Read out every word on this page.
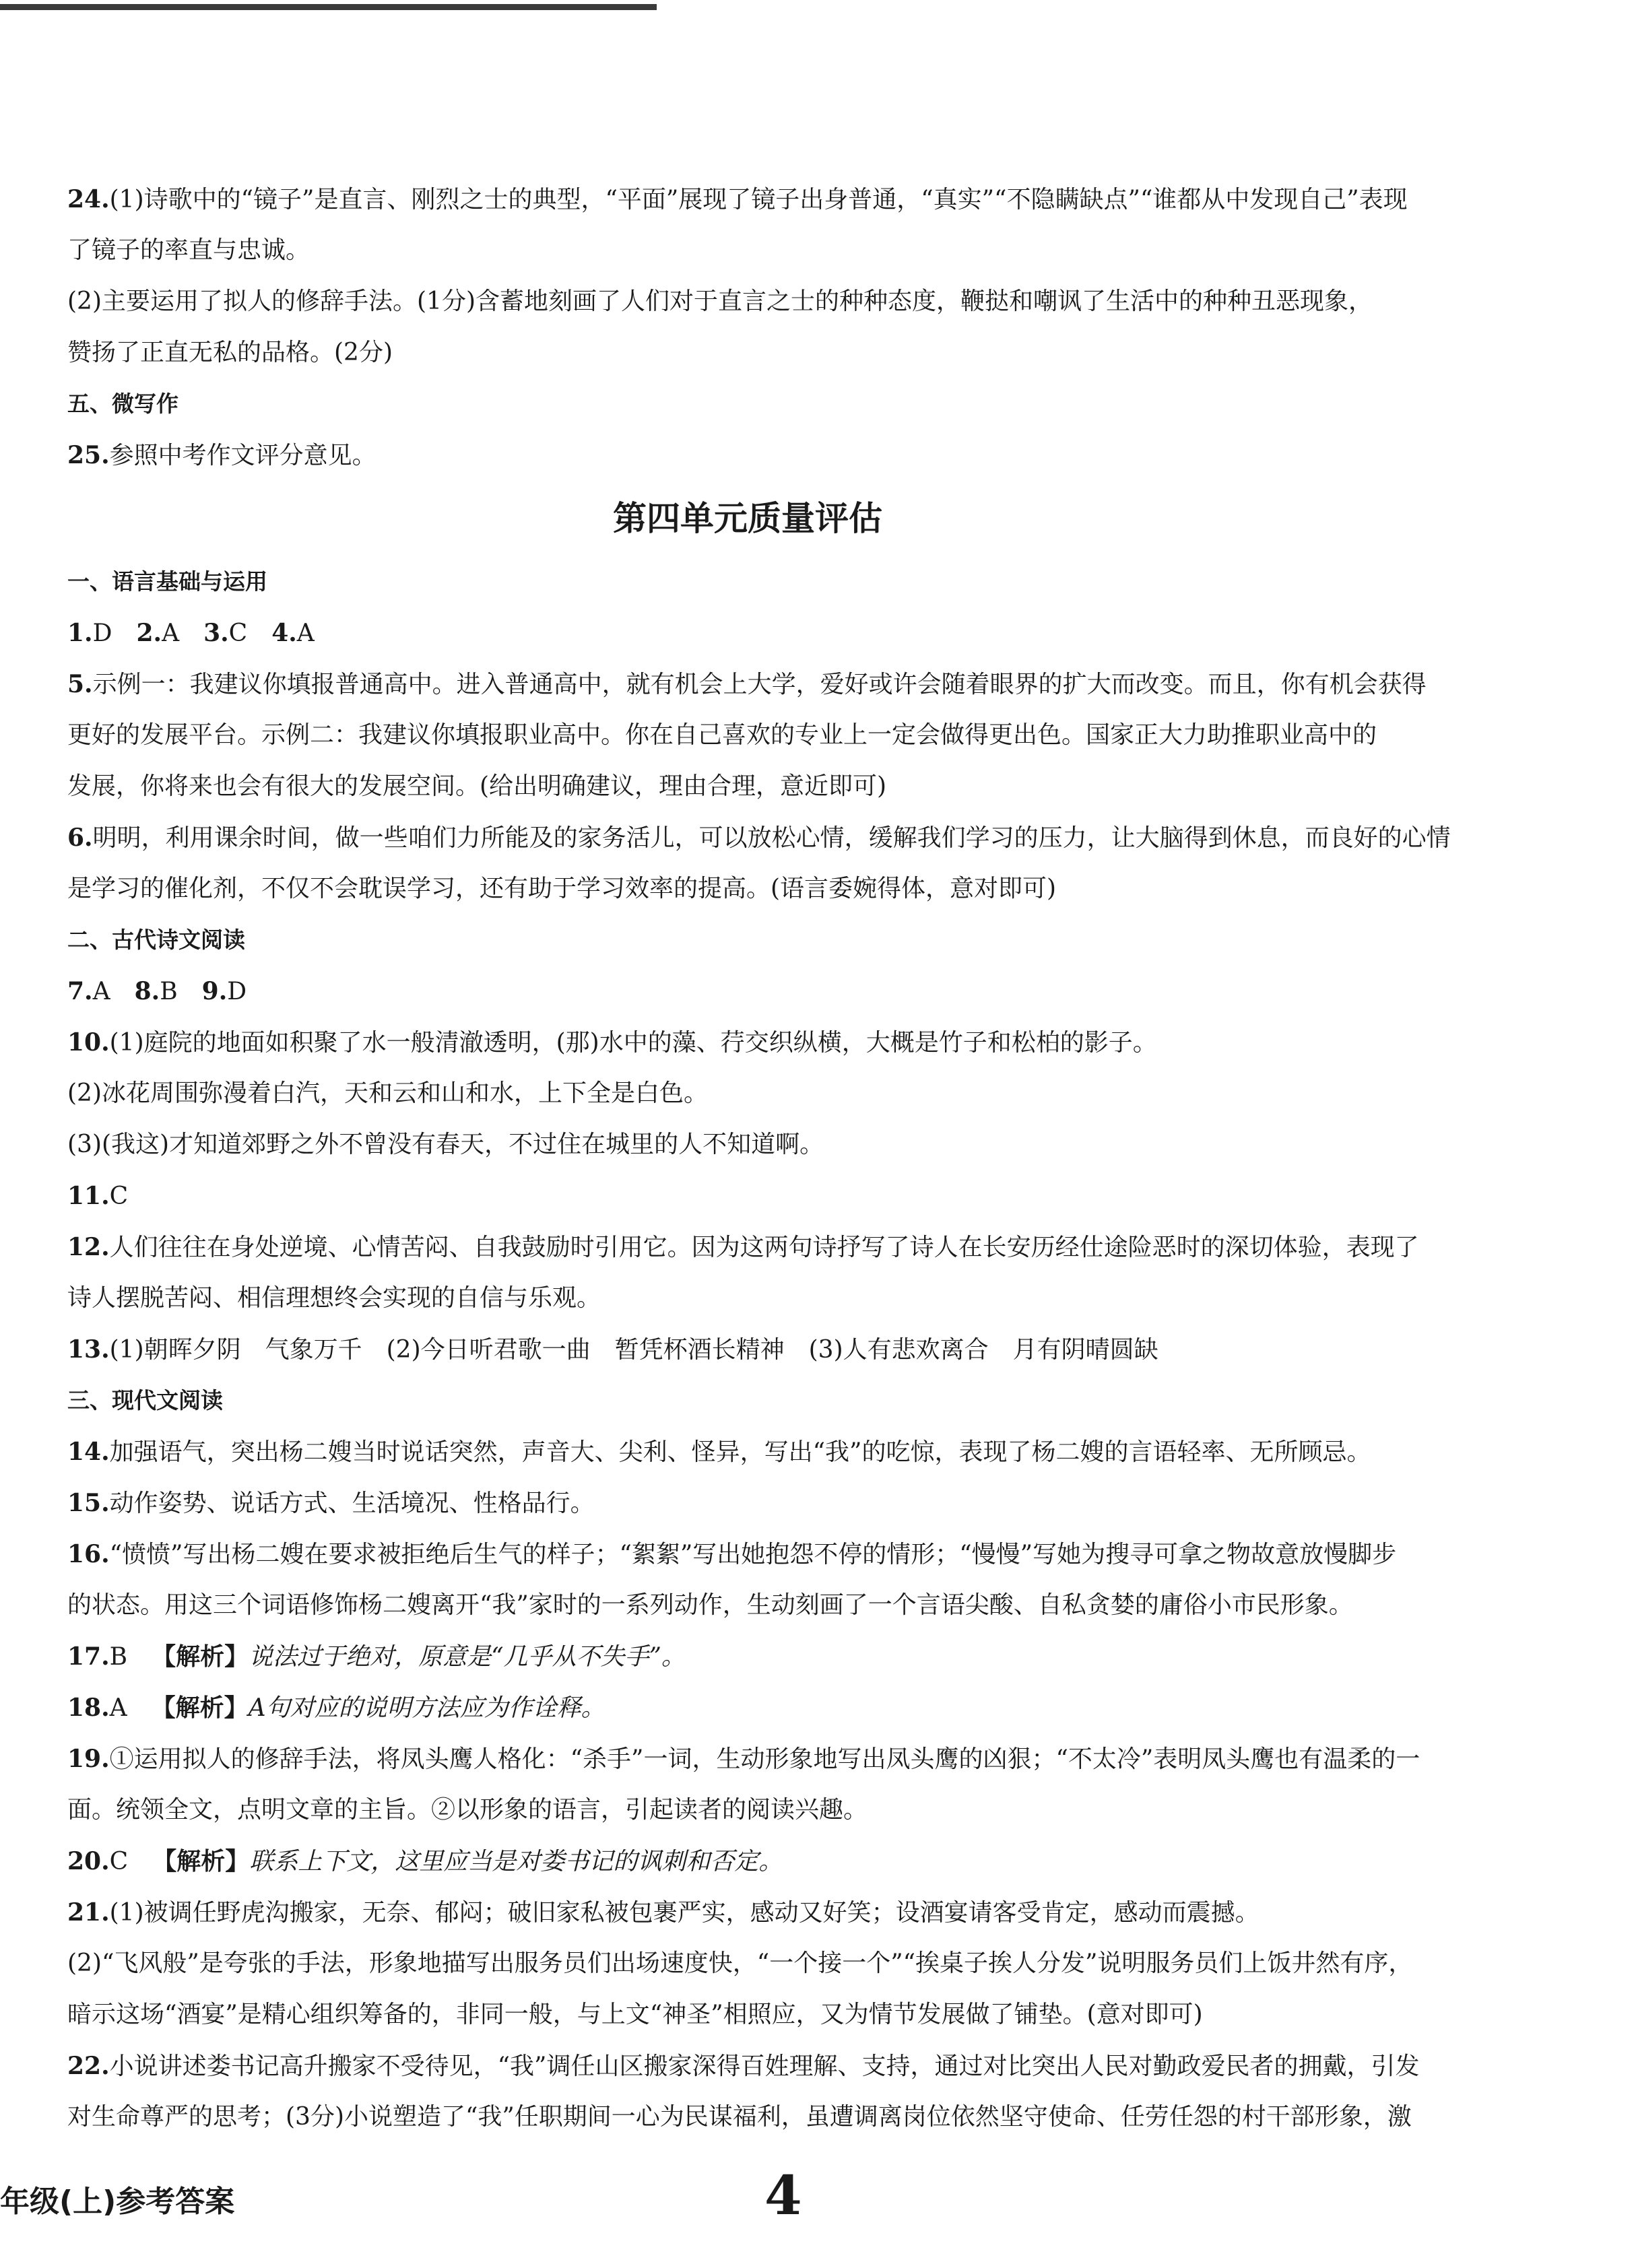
24.(1)诗歌中的“镜子”是直言、刚烈之士的典型，“平面”展现了镜子出身普通，“真实”“不隐瞒缺点”“谁都从中发现自己”表现
了镜子的率直与忠诚。
(2)主要运用了拟人的修辞手法。(1分)含蓄地刻画了人们对于直言之士的种种态度，鞭挞和嘲讽了生活中的种种丑恶现象，
赞扬了正直无私的品格。(2分)
五、微写作
25.参照中考作文评分意见。
第四单元质量评估
一、语言基础与运用
1.D 2.A 3.C 4.A
5.示例一：我建议你填报普通高中。进入普通高中，就有机会上大学，爱好或许会随着眼界的扩大而改变。而且，你有机会获得
更好的发展平台。示例二：我建议你填报职业高中。你在自己喜欢的专业上一定会做得更出色。国家正大力助推职业高中的
发展，你将来也会有很大的发展空间。(给出明确建议，理由合理，意近即可)
6.明明，利用课余时间，做一些咱们力所能及的家务活儿，可以放松心情，缓解我们学习的压力，让大脑得到休息，而良好的心情
是学习的催化剂，不仅不会耽误学习，还有助于学习效率的提高。(语言委婉得体，意对即可)
二、古代诗文阅读
7.A 8.B 9.D
10.(1)庭院的地面如积聚了水一般清澈透明，(那)水中的藻、荇交织纵横，大概是竹子和松柏的影子。
(2)冰花周围弥漫着白汽，天和云和山和水，上下全是白色。
(3)(我这)才知道郊野之外不曾没有春天，不过住在城里的人不知道啊。
11.C
12.人们往往在身处逆境、心情苦闷、自我鼓励时引用它。因为这两句诗抒写了诗人在长安历经仕途险恶时的深切体验，表现了
诗人摆脱苦闷、相信理想终会实现的自信与乐观。
13.(1)朝晖夕阴　气象万千　(2)今日听君歌一曲　暂凭杯酒长精神　(3)人有悲欢离合　月有阴晴圆缺
三、现代文阅读
14.加强语气，突出杨二嫂当时说话突然，声音大、尖利、怪异，写出“我”的吃惊，表现了杨二嫂的言语轻率、无所顾忌。
15.动作姿势、说话方式、生活境况、性格品行。
16.“愤愤”写出杨二嫂在要求被拒绝后生气的样子；“絮絮”写出她抱怨不停的情形；“慢慢”写她为搜寻可拿之物故意放慢脚步
的状态。用这三个词语修饰杨二嫂离开“我”家时的一系列动作，生动刻画了一个言语尖酸、自私贪婪的庸俗小市民形象。
17.B 【解析】说法过于绝对，原意是“几乎从不失手”。
18.A 【解析】A句对应的说明方法应为作诠释。
19.①运用拟人的修辞手法，将凤头鹰人格化：“杀手”一词，生动形象地写出凤头鹰的凶狠；“不太冷”表明凤头鹰也有温柔的一
面。统领全文，点明文章的主旨。②以形象的语言，引起读者的阅读兴趣。
20.C 【解析】联系上下文，这里应当是对娄书记的讽刺和否定。
21.(1)被调任野虎沟搬家，无奈、郁闷；破旧家私被包裹严实，感动又好笑；设酒宴请客受肯定，感动而震撼。
(2)“飞风般”是夸张的手法，形象地描写出服务员们出场速度快，“一个接一个”“挨桌子挨人分发”说明服务员们上饭井然有序，
暗示这场“酒宴”是精心组织筹备的，非同一般，与上文“神圣”相照应，又为情节发展做了铺垫。(意对即可)
22.小说讲述娄书记高升搬家不受待见，“我”调任山区搬家深得百姓理解、支持，通过对比突出人民对勤政爱民者的拥戴，引发
对生命尊严的思考；(3分)小说塑造了“我”任职期间一心为民谋福利，虽遭调离岗位依然坚守使命、任劳任怨的村干部形象，激
年级(上)参考答案	4
